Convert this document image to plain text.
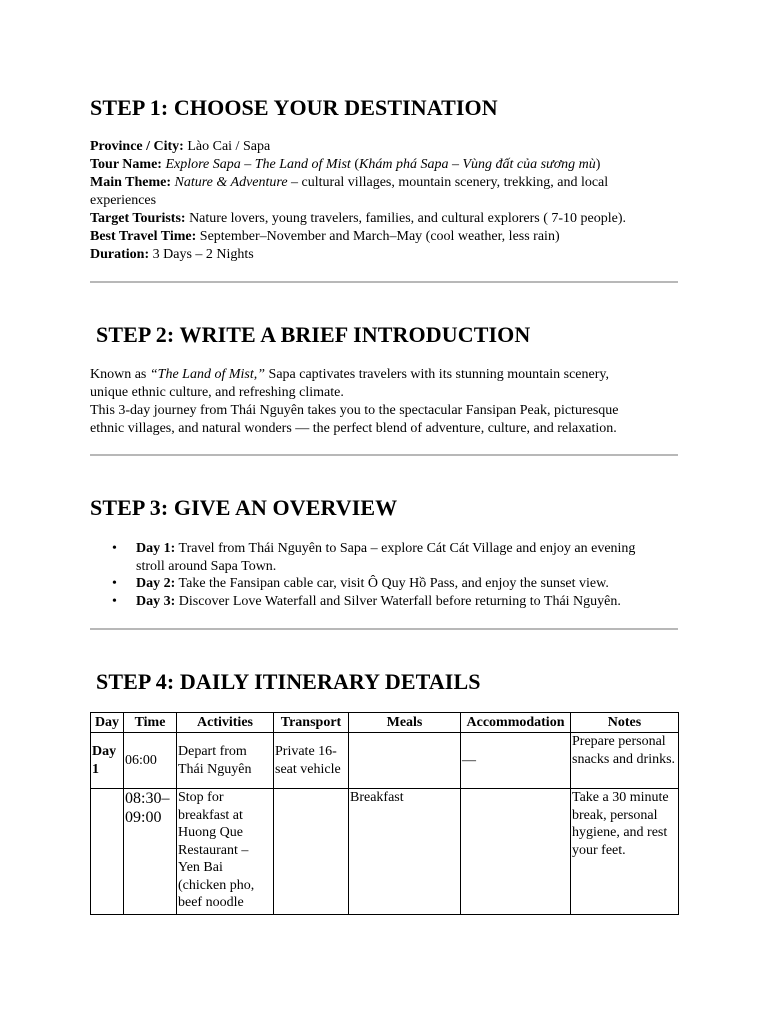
STEP 1: CHOOSE YOUR DESTINATION

Province / City: Lào Cai / Sapa

Tour Name: Explore Sapa – The Land of Mist (Khám phá Sapa – Vùng đất của sương mù)

Main Theme: Nature & Adventure – cultural villages, mountain scenery, trekking, and local

experiences

Target Tourists: Nature lovers, young travelers, families, and cultural explorers ( 7-10 people).

Best Travel Time: September–November and March–May (cool weather, less rain)

Duration: 3 Days – 2 Nights

STEP 2: WRITE A BRIEF INTRODUCTION

Known as “The Land of Mist,” Sapa captivates travelers with its stunning mountain scenery,

unique ethnic culture, and refreshing climate.

This 3-day journey from Thái Nguyên takes you to the spectacular Fansipan Peak, picturesque

ethnic villages, and natural wonders — the perfect blend of adventure, culture, and relaxation.

STEP 3: GIVE AN OVERVIEW
• Day 1: Travel from Thái Nguyên to Sapa – explore Cát Cát Village and enjoy an evening
stroll around Sapa Town.
• Day 2: Take the Fansipan cable car, visit Ô Quy Hồ Pass, and enjoy the sunset view.
• Day 3: Discover Love Waterfall and Silver Waterfall before returning to Thái Nguyên.
STEP 4: DAILY ITINERARY DETAILS
Day	Time	Activities	Transport	Meals	Accommodation	Notes
Day 1	06:00	Depart from Thái Nguyên	Private 16-seat vehicle		—	Prepare personal snacks and drinks.
	08:30–09:00	Stop for breakfast at Huong Que Restaurant – Yen Bai (chicken pho, beef noodle		Breakfast		Take a 30 minute break, personal hygiene, and rest your feet.
